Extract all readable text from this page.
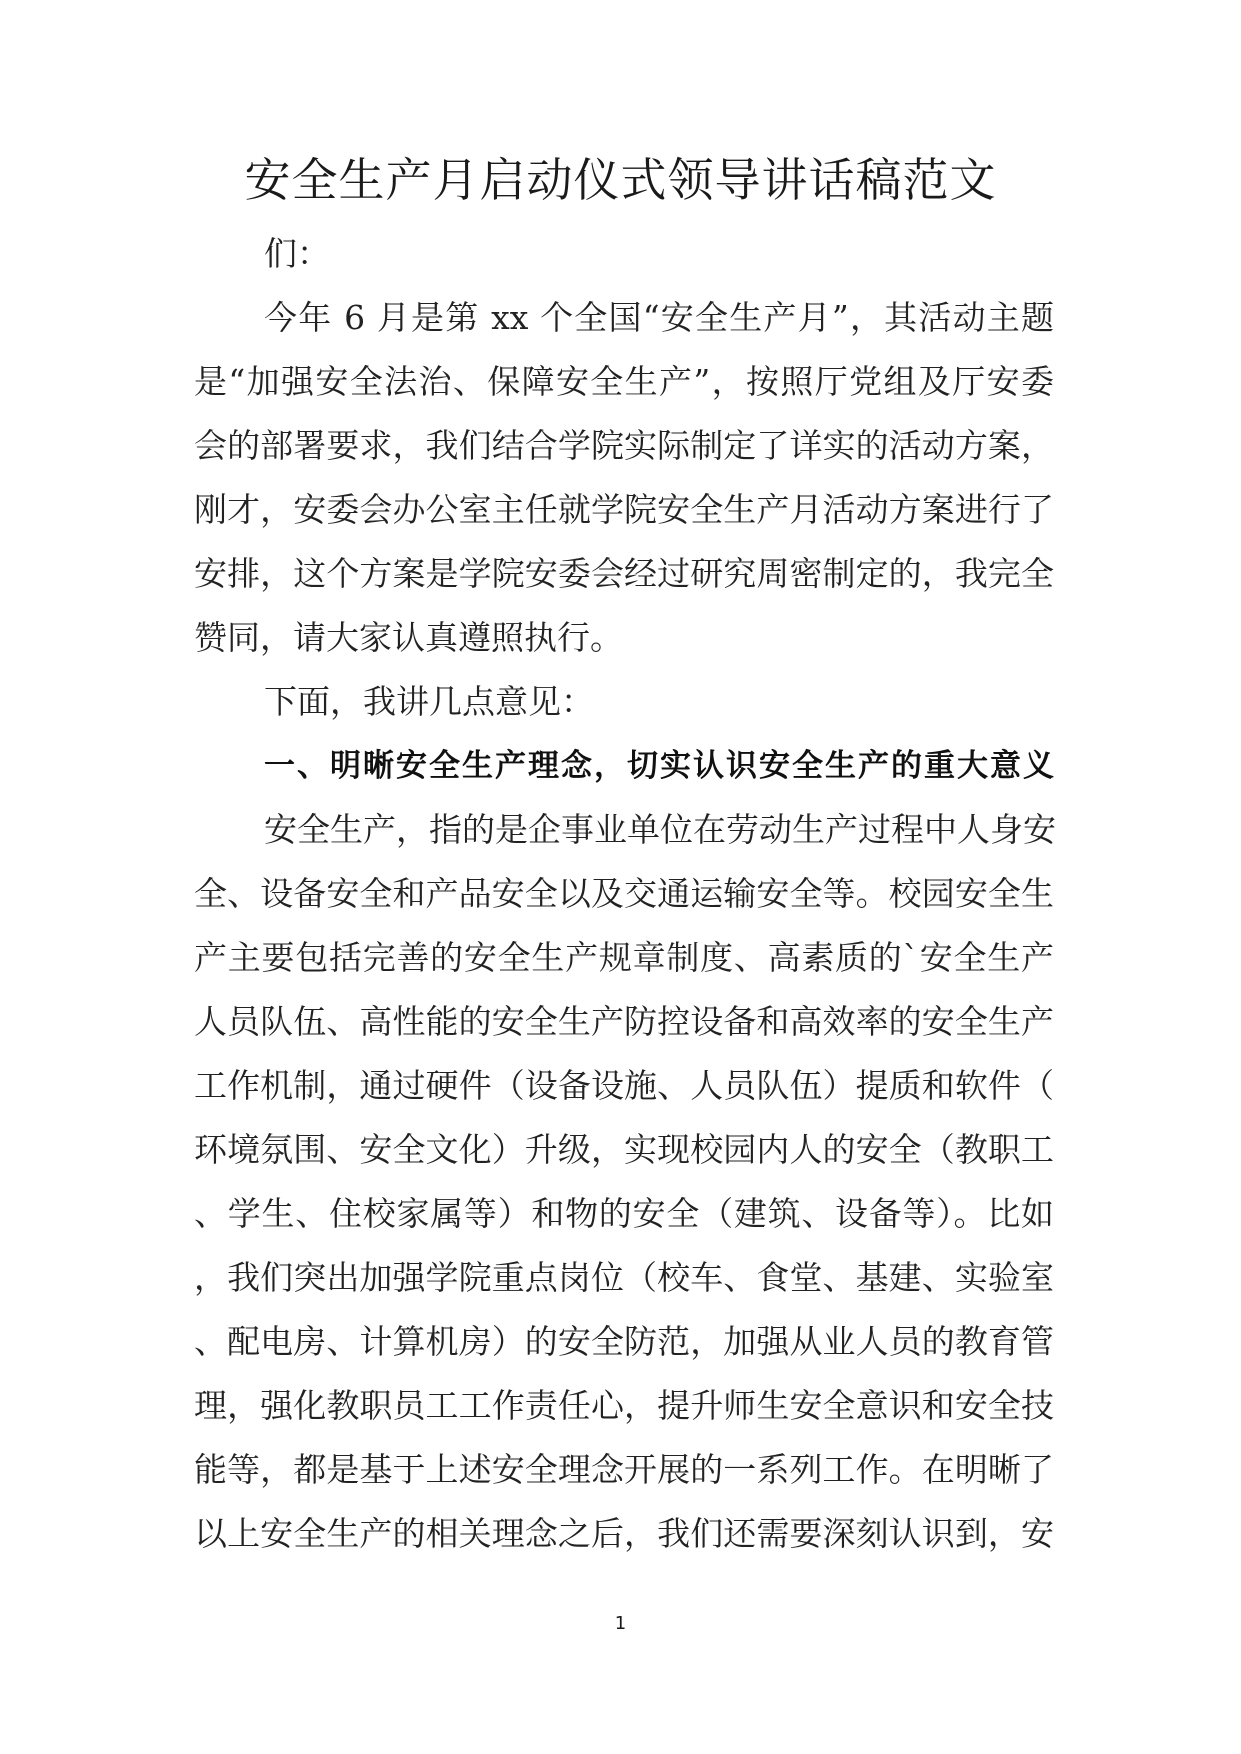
安全生产月启动仪式领导讲话稿范文
们：
今年 6 月是第 xx 个全国“安全生产月”，其活动主题
是“加强安全法治、保障安全生产”，按照厅党组及厅安委
会的部署要求，我们结合学院实际制定了详实的活动方案，
刚才，安委会办公室主任就学院安全生产月活动方案进行了
安排，这个方案是学院安委会经过研究周密制定的，我完全
赞同，请大家认真遵照执行。
下面，我讲几点意见：
一、明晰安全生产理念，切实认识安全生产的重大意义
安全生产，指的是企事业单位在劳动生产过程中人身安
全、设备安全和产品安全以及交通运输安全等。校园安全生
产主要包括完善的安全生产规章制度、高素质的`安全生产
人员队伍、高性能的安全生产防控设备和高效率的安全生产
工作机制，通过硬件（设备设施、人员队伍）提质和软件（
环境氛围、安全文化）升级，实现校园内人的安全（教职工
、学生、住校家属等）和物的安全（建筑、设备等）。比如
，我们突出加强学院重点岗位（校车、食堂、基建、实验室
、配电房、计算机房）的安全防范，加强从业人员的教育管
理，强化教职员工工作责任心，提升师生安全意识和安全技
能等，都是基于上述安全理念开展的一系列工作。在明晰了
以上安全生产的相关理念之后，我们还需要深刻认识到，安
1
